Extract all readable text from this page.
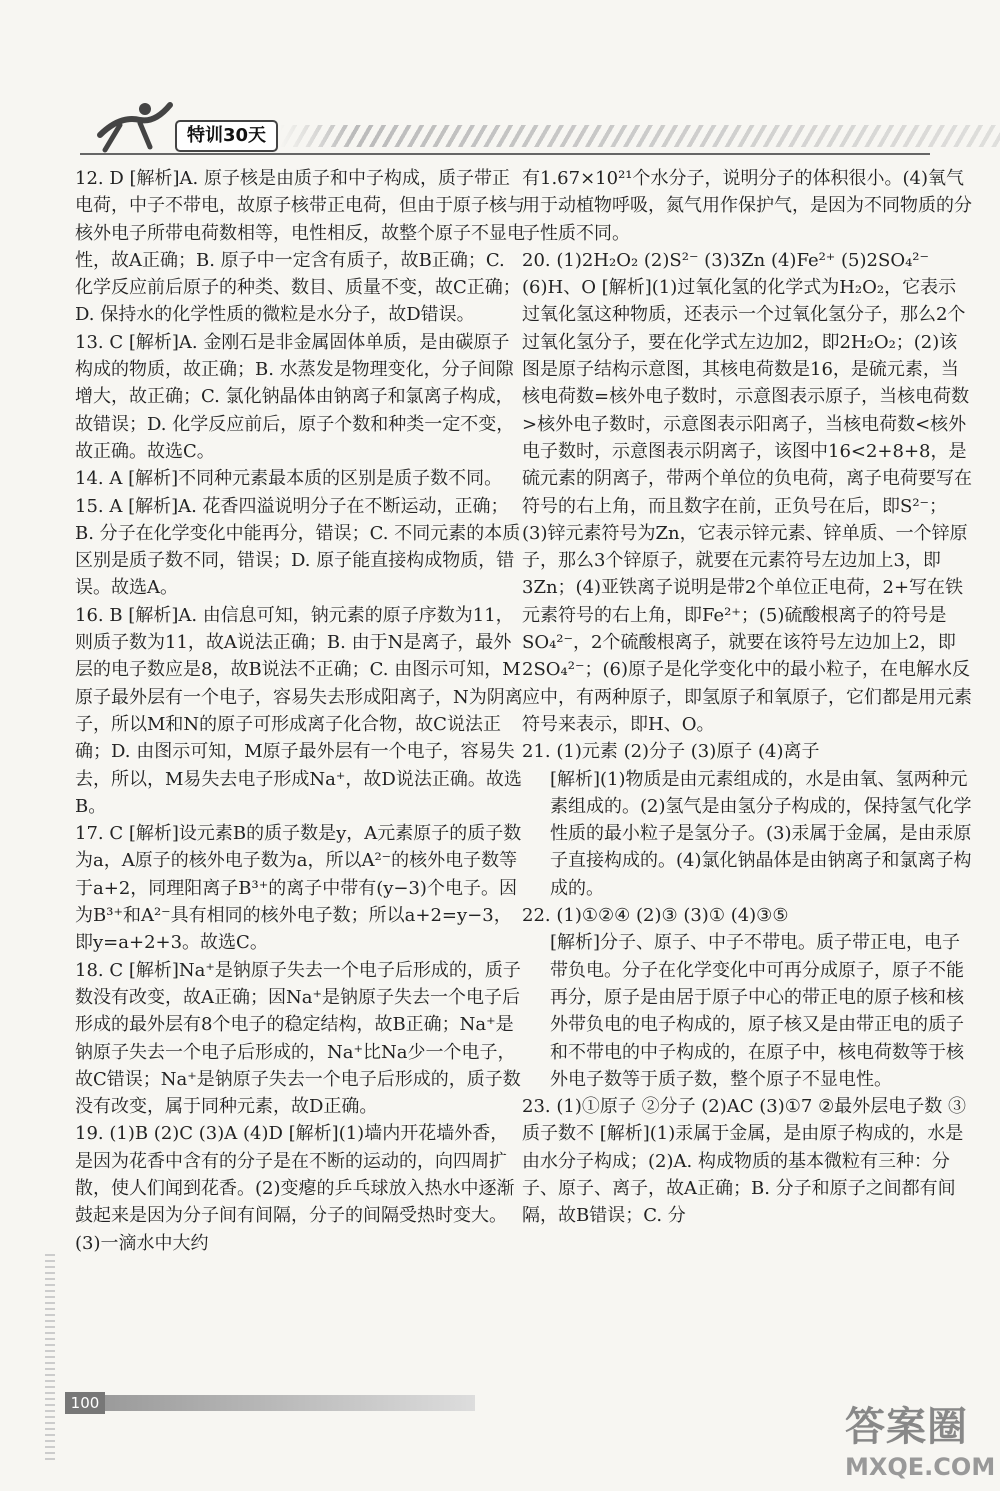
特训30天

12. D [解析]A. 原子核是由质子和中子构成，质子带正电荷，中子不带电，故原子核带正电荷，但由于原子核与核外电子所带电荷数相等，电性相反，故整个原子不显电性，故A正确；B. 原子中一定含有质子，故B正确；C. 化学反应前后原子的种类、数目、质量不变，故C正确；D. 保持水的化学性质的微粒是水分子，故D错误。

13. C [解析]A. 金刚石是非金属固体单质，是由碳原子构成的物质，故正确；B. 水蒸发是物理变化，分子间隙增大，故正确；C. 氯化钠晶体由钠离子和氯离子构成，故错误；D. 化学反应前后，原子个数和种类一定不变，故正确。故选C。

14. A [解析]不同种元素最本质的区别是质子数不同。

15. A [解析]A. 花香四溢说明分子在不断运动，正确；B. 分子在化学变化中能再分，错误；C. 不同元素的本质区别是质子数不同，错误；D. 原子能直接构成物质，错误。故选A。

16. B [解析]A. 由信息可知，钠元素的原子序数为11，则质子数为11，故A说法正确；B. 由于N是离子，最外层的电子数应是8，故B说法不正确；C. 由图示可知，M原子最外层有一个电子，容易失去形成阳离子，N为阴离子，所以M和N的原子可形成离子化合物，故C说法正确；D. 由图示可知，M原子最外层有一个电子，容易失去，所以，M易失去电子形成Na⁺，故D说法正确。故选B。

17. C [解析]设元素B的质子数是y，A元素原子的质子数为a，A原子的核外电子数为a，所以A²⁻的核外电子数等于a+2，同理阳离子B³⁺的离子中带有(y−3)个电子。因为B³⁺和A²⁻具有相同的核外电子数；所以a+2=y−3，即y=a+2+3。故选C。

18. C [解析]Na⁺是钠原子失去一个电子后形成的，质子数没有改变，故A正确；因Na⁺是钠原子失去一个电子后形成的最外层有8个电子的稳定结构，故B正确；Na⁺是钠原子失去一个电子后形成的，Na⁺比Na少一个电子，故C错误；Na⁺是钠原子失去一个电子后形成的，质子数没有改变，属于同种元素，故D正确。

19. (1)B (2)C (3)A (4)D [解析](1)墙内开花墙外香，是因为花香中含有的分子是在不断的运动的，向四周扩散，使人们闻到花香。(2)变瘪的乒乓球放入热水中逐渐鼓起来是因为分子间有间隔，分子的间隔受热时变大。(3)一滴水中大约

有1.67×10²¹个水分子，说明分子的体积很小。(4)氧气用于动植物呼吸，氮气用作保护气，是因为不同物质的分子性质不同。

20. (1)2H₂O₂ (2)S²⁻ (3)3Zn (4)Fe²⁺ (5)2SO₄²⁻ (6)H、O [解析](1)过氧化氢的化学式为H₂O₂，它表示过氧化氢这种物质，还表示一个过氧化氢分子，那么2个过氧化氢分子，要在化学式左边加2，即2H₂O₂；(2)该图是原子结构示意图，其核电荷数是16，是硫元素，当核电荷数=核外电子数时，示意图表示原子，当核电荷数>核外电子数时，示意图表示阳离子，当核电荷数<核外电子数时，示意图表示阴离子，该图中16<2+8+8，是硫元素的阴离子，带两个单位的负电荷，离子电荷要写在符号的右上角，而且数字在前，正负号在后，即S²⁻；(3)锌元素符号为Zn，它表示锌元素、锌单质、一个锌原子，那么3个锌原子，就要在元素符号左边加上3，即3Zn；(4)亚铁离子说明是带2个单位正电荷，2+写在铁元素符号的右上角，即Fe²⁺；(5)硫酸根离子的符号是SO₄²⁻，2个硫酸根离子，就要在该符号左边加上2，即2SO₄²⁻；(6)原子是化学变化中的最小粒子，在电解水反应中，有两种原子，即氢原子和氧原子，它们都是用元素符号来表示，即H、O。

21. (1)元素 (2)分子 (3)原子 (4)离子

[解析](1)物质是由元素组成的，水是由氧、氢两种元素组成的。(2)氢气是由氢分子构成的，保持氢气化学性质的最小粒子是氢分子。(3)汞属于金属，是由汞原子直接构成的。(4)氯化钠晶体是由钠离子和氯离子构成的。

22. (1)①②④ (2)③ (3)① (4)③⑤

[解析]分子、原子、中子不带电。质子带正电，电子带负电。分子在化学变化中可再分成原子，原子不能再分，原子是由居于原子中心的带正电的原子核和核外带负电的电子构成的，原子核又是由带正电的质子和不带电的中子构成的，在原子中，核电荷数等于核外电子数等于质子数，整个原子不显电性。

23. (1)①原子 ②分子 (2)AC (3)①7 ②最外层电子数 ③质子数不 [解析](1)汞属于金属，是由原子构成的，水是由水分子构成；(2)A. 构成物质的基本微粒有三种：分子、原子、离子，故A正确；B. 分子和原子之间都有间隔，故B错误；C. 分

100
答案圈
MXQE.COM
